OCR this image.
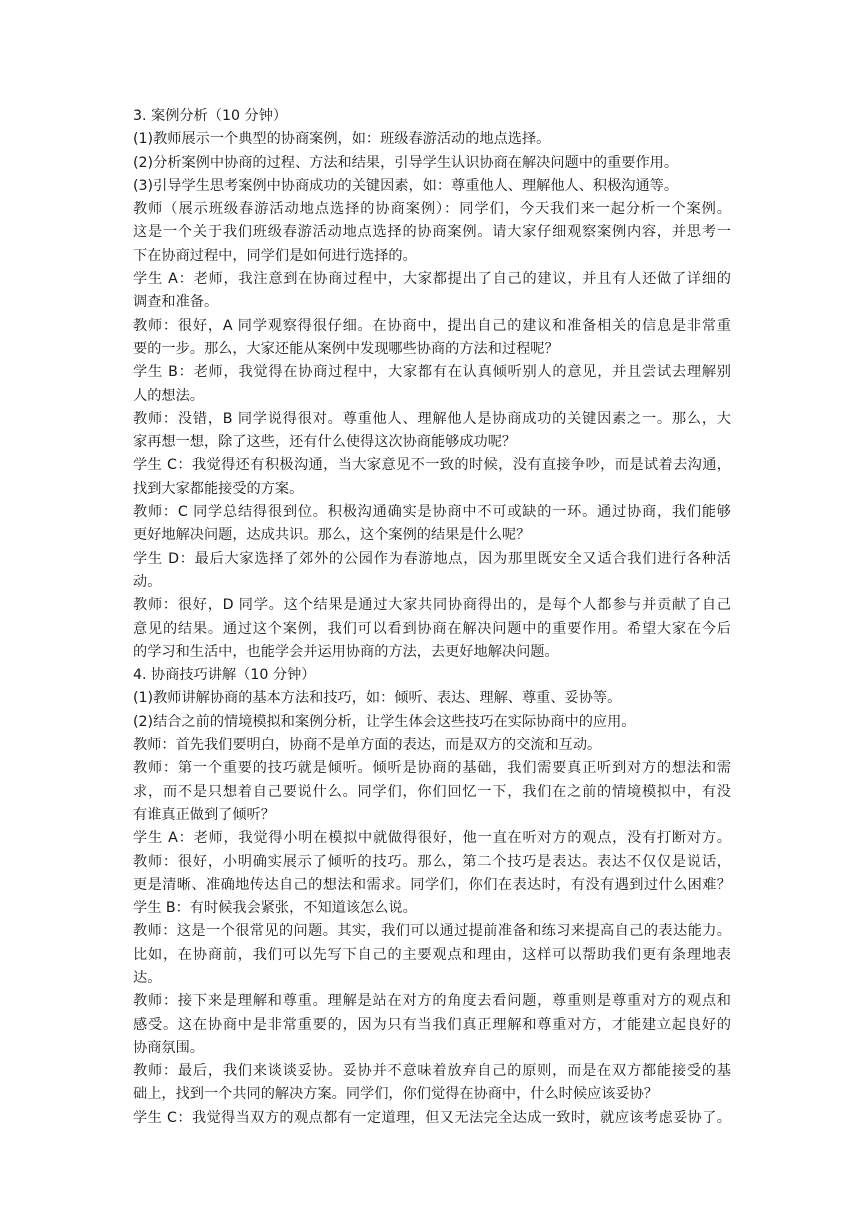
3. 案例分析（10 分钟）
(1)教师展示一个典型的协商案例，如：班级春游活动的地点选择。
(2)分析案例中协商的过程、方法和结果，引导学生认识协商在解决问题中的重要作用。
(3)引导学生思考案例中协商成功的关键因素，如：尊重他人、理解他人、积极沟通等。
教师（展示班级春游活动地点选择的协商案例）：同学们，今天我们来一起分析一个案例。
这是一个关于我们班级春游活动地点选择的协商案例。请大家仔细观察案例内容，并思考一
下在协商过程中，同学们是如何进行选择的。
学生 A：老师，我注意到在协商过程中，大家都提出了自己的建议，并且有人还做了详细的
调查和准备。
教师：很好，A 同学观察得很仔细。在协商中，提出自己的建议和准备相关的信息是非常重
要的一步。那么，大家还能从案例中发现哪些协商的方法和过程呢？
学生 B：老师，我觉得在协商过程中，大家都有在认真倾听别人的意见，并且尝试去理解别
人的想法。
教师：没错，B 同学说得很对。尊重他人、理解他人是协商成功的关键因素之一。那么，大
家再想一想，除了这些，还有什么使得这次协商能够成功呢？
学生 C：我觉得还有积极沟通，当大家意见不一致的时候，没有直接争吵，而是试着去沟通，
找到大家都能接受的方案。
教师：C 同学总结得很到位。积极沟通确实是协商中不可或缺的一环。通过协商，我们能够
更好地解决问题，达成共识。那么，这个案例的结果是什么呢？
学生 D：最后大家选择了郊外的公园作为春游地点，因为那里既安全又适合我们进行各种活
动。
教师：很好，D 同学。这个结果是通过大家共同协商得出的，是每个人都参与并贡献了自己
意见的结果。通过这个案例，我们可以看到协商在解决问题中的重要作用。希望大家在今后
的学习和生活中，也能学会并运用协商的方法，去更好地解决问题。
4. 协商技巧讲解（10 分钟）
(1)教师讲解协商的基本方法和技巧，如：倾听、表达、理解、尊重、妥协等。
(2)结合之前的情境模拟和案例分析，让学生体会这些技巧在实际协商中的应用。
教师：首先我们要明白，协商不是单方面的表达，而是双方的交流和互动。
教师：第一个重要的技巧就是倾听。倾听是协商的基础，我们需要真正听到对方的想法和需
求，而不是只想着自己要说什么。同学们，你们回忆一下，我们在之前的情境模拟中，有没
有谁真正做到了倾听？
学生 A：老师，我觉得小明在模拟中就做得很好，他一直在听对方的观点，没有打断对方。
教师：很好，小明确实展示了倾听的技巧。那么，第二个技巧是表达。表达不仅仅是说话，
更是清晰、准确地传达自己的想法和需求。同学们，你们在表达时，有没有遇到过什么困难？
学生 B：有时候我会紧张，不知道该怎么说。
教师：这是一个很常见的问题。其实，我们可以通过提前准备和练习来提高自己的表达能力。
比如，在协商前，我们可以先写下自己的主要观点和理由，这样可以帮助我们更有条理地表
达。
教师：接下来是理解和尊重。理解是站在对方的角度去看问题，尊重则是尊重对方的观点和
感受。这在协商中是非常重要的，因为只有当我们真正理解和尊重对方，才能建立起良好的
协商氛围。
教师：最后，我们来谈谈妥协。妥协并不意味着放弃自己的原则，而是在双方都能接受的基
础上，找到一个共同的解决方案。同学们，你们觉得在协商中，什么时候应该妥协？
学生 C：我觉得当双方的观点都有一定道理，但又无法完全达成一致时，就应该考虑妥协了。
